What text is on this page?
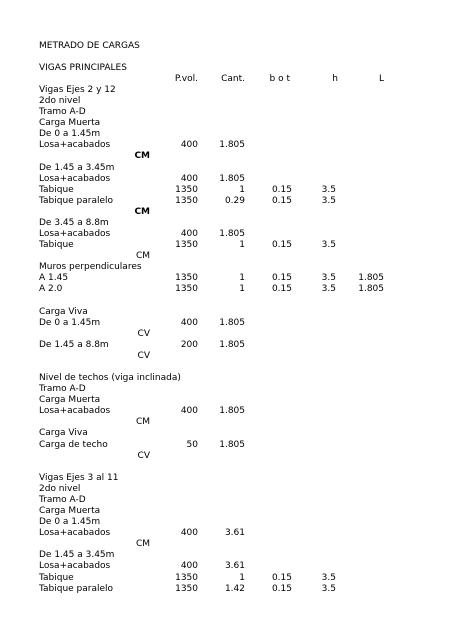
METRADO DE CARGAS
VIGAS PRINCIPALES
P.vol.	Cant.	b o t	h	L
Vigas Ejes 2 y 12
2do nivel
Tramo A-D
Carga Muerta
De 0 a 1.45m
Losa+acabados	400 1.805
CM
De 1.45 a 3.45m
Losa+acabados	400 1.805
Tabique	1350	1	0.15	3.5
Tabique paralelo	1350	0.29	0.15	3.5
CM
De 3.45 a 8.8m
Losa+acabados	400 1.805
Tabique	1350	1	0.15	3.5
CM
Muros perpendiculares
A 1.45	1350	1	0.15	3.5 1.805
A 2.0	1350	1	0.15	3.5 1.805
Carga Viva
De 0 a 1.45m	400 1.805
CV
De 1.45 a 8.8m	200 1.805
CV
Nivel de techos (viga inclinada)
Tramo A-D
Carga Muerta
Losa+acabados	400 1.805
CM
Carga Viva
Carga de techo	50 1.805
CV
Vigas Ejes 3 al 11
2do nivel
Tramo A-D
Carga Muerta
De 0 a 1.45m
Losa+acabados	400	3.61
CM
De 1.45 a 3.45m
Losa+acabados	400	3.61
Tabique	1350	1	0.15	3.5
Tabique paralelo	1350	1.42	0.15	3.5
